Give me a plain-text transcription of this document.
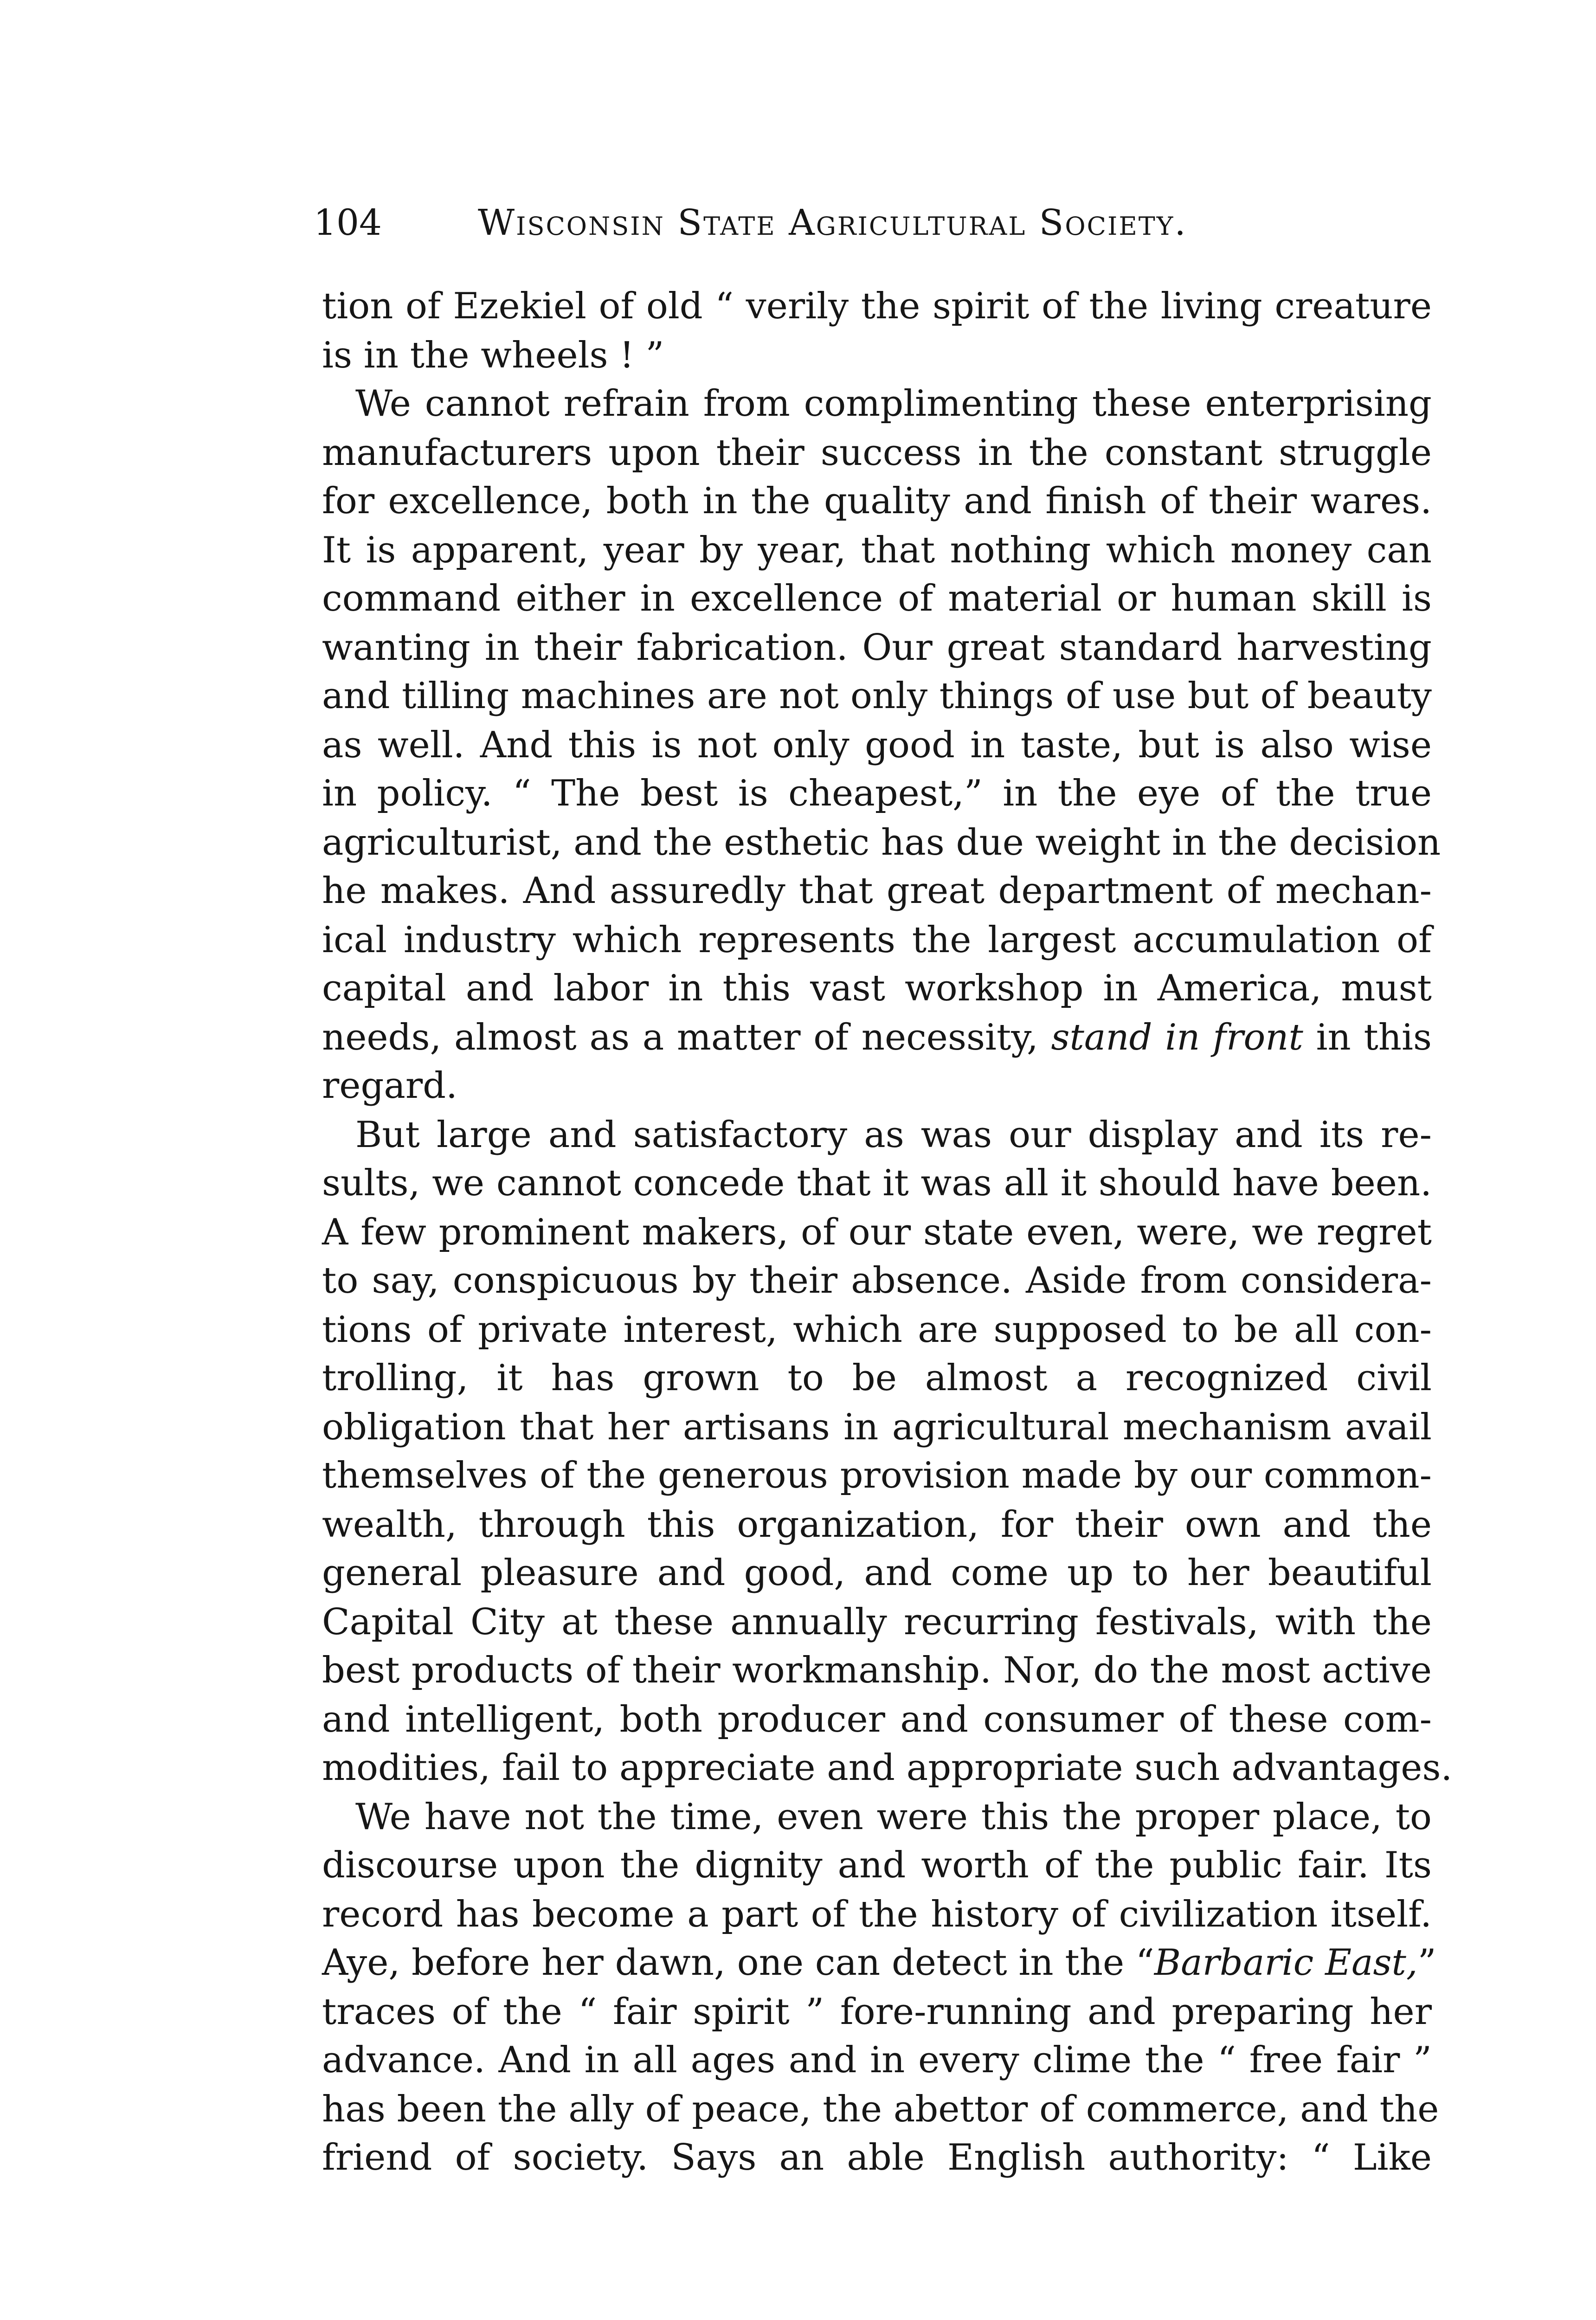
104	Wisconsin State Agricultural Society.
tion of Ezekiel of old “ verily the spirit of the living creature
is in the wheels ! ”
We cannot refrain from complimenting these enterprising
manufacturers upon their success in the constant struggle
for excellence, both in the quality and finish of their wares.
It is apparent, year by year, that nothing which money can
command either in excellence of material or human skill is
wanting in their fabrication. Our great standard harvesting
and tilling machines are not only things of use but of beauty
as well. And this is not only good in taste, but is also wise
in policy. “ The best is cheapest,” in the eye of the true
agriculturist, and the esthetic has due weight in the decision
he makes. And assuredly that great department of mechan-
ical industry which represents the largest accumulation of
capital and labor in this vast workshop in America, must
needs, almost as a matter of necessity, stand in front in this
regard.
But large and satisfactory as was our display and its re-
sults, we cannot concede that it was all it should have been.
A few prominent makers, of our state even, were, we regret
to say, conspicuous by their absence. Aside from considera-
tions of private interest, which are supposed to be all con-
trolling, it has grown to be almost a recognized civil
obligation that her artisans in agricultural mechanism avail
themselves of the generous provision made by our common-
wealth, through this organization, for their own and the
general pleasure and good, and come up to her beautiful
Capital City at these annually recurring festivals, with the
best products of their workmanship. Nor, do the most active
and intelligent, both producer and consumer of these com-
modities, fail to appreciate and appropriate such advantages.
We have not the time, even were this the proper place, to
discourse upon the dignity and worth of the public fair. Its
record has become a part of the history of civilization itself.
Aye, before her dawn, one can detect in the “Barbaric East,”
traces of the “ fair spirit ” fore-running and preparing her
advance. And in all ages and in every clime the “ free fair ”
has been the ally of peace, the abettor of commerce, and the
friend of society. Says an able English authority: “ Like
